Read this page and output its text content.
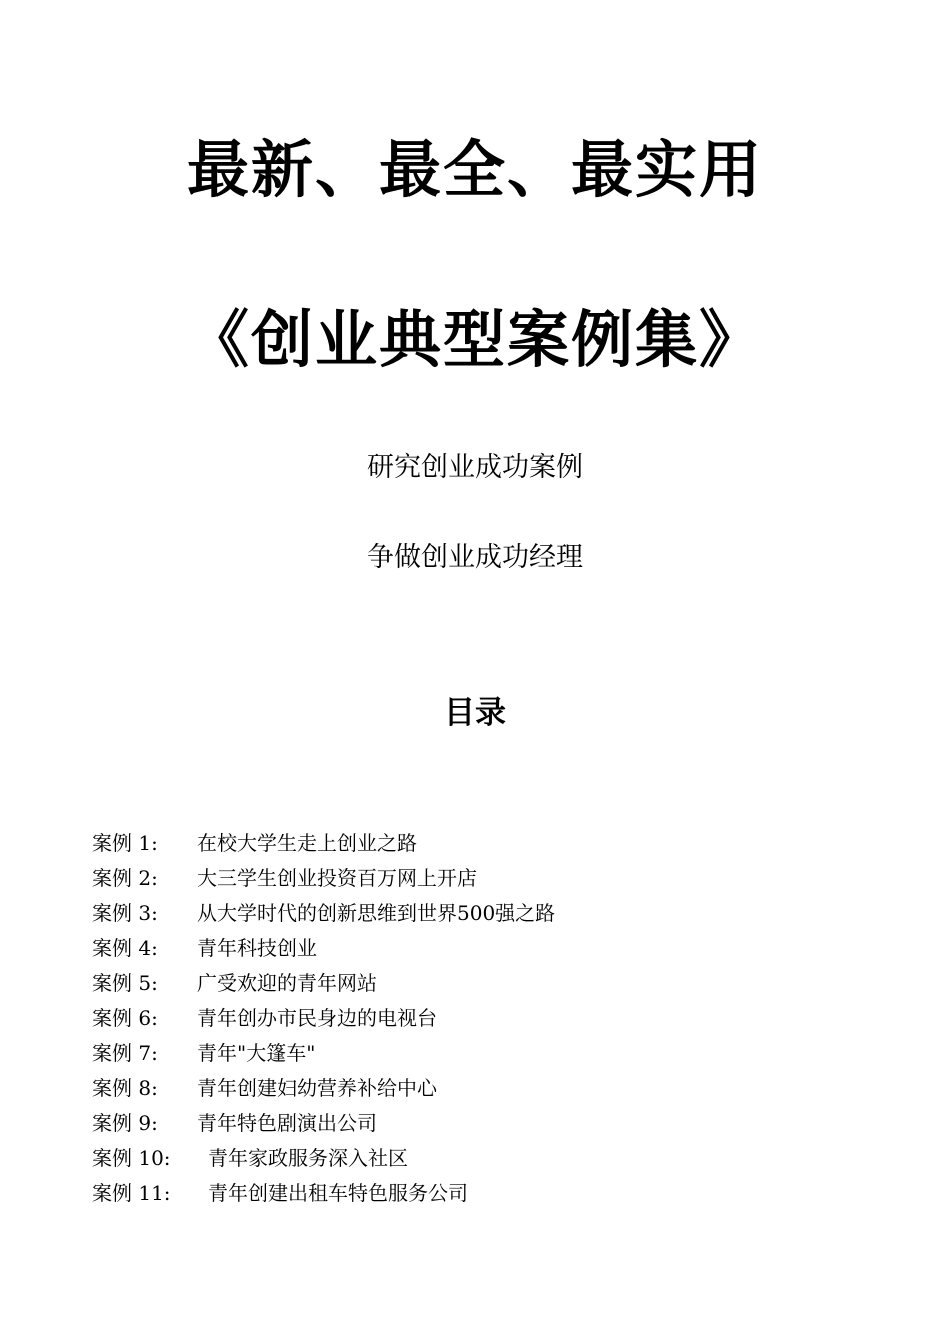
最新、最全、最实用
《创业典型案例集》
研究创业成功案例
争做创业成功经理
目录
案例 1: 在校大学生走上创业之路
案例 2: 大三学生创业投资百万网上开店
案例 3: 从大学时代的创新思维到世界500强之路
案例 4: 青年科技创业
案例 5: 广受欢迎的青年网站
案例 6: 青年创办市民身边的电视台
案例 7: 青年"大篷车"
案例 8: 青年创建妇幼营养补给中心
案例 9: 青年特色剧演出公司
案例 10: 青年家政服务深入社区
案例 11: 青年创建出租车特色服务公司
